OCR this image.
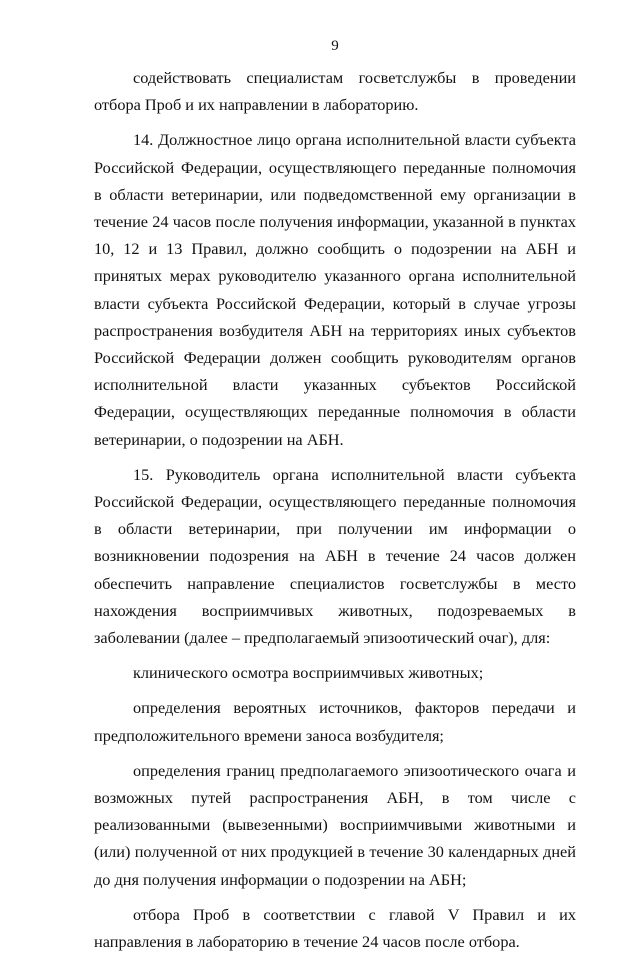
9

содействовать специалистам госветслужбы в проведении отбора Проб и их направлении в лабораторию.

14. Должностное лицо органа исполнительной власти субъекта Российской Федерации, осуществляющего переданные полномочия в области ветеринарии, или подведомственной ему организации в течение 24 часов после получения информации, указанной в пунктах 10, 12 и 13 Правил, должно сообщить о подозрении на АБН и принятых мерах руководителю указанного органа исполнительной власти субъекта Российской Федерации, который в случае угрозы распространения возбудителя АБН на территориях иных субъектов Российской Федерации должен сообщить руководителям органов исполнительной власти указанных субъектов Российской Федерации, осуществляющих переданные полномочия в области ветеринарии, о подозрении на АБН.

15. Руководитель органа исполнительной власти субъекта Российской Федерации, осуществляющего переданные полномочия в области ветеринарии, при получении им информации о возникновении подозрения на АБН в течение 24 часов должен обеспечить направление специалистов госветслужбы в место нахождения восприимчивых животных, подозреваемых в заболевании (далее – предполагаемый эпизоотический очаг), для:

клинического осмотра восприимчивых животных;

определения вероятных источников, факторов передачи и предположительного времени заноса возбудителя;

определения границ предполагаемого эпизоотического очага и возможных путей распространения АБН, в том числе с реализованными (вывезенными) восприимчивыми животными и (или) полученной от них продукцией в течение 30 календарных дней до дня получения информации о подозрении на АБН;

отбора Проб в соответствии с главой V Правил и их направления в лабораторию в течение 24 часов после отбора.
